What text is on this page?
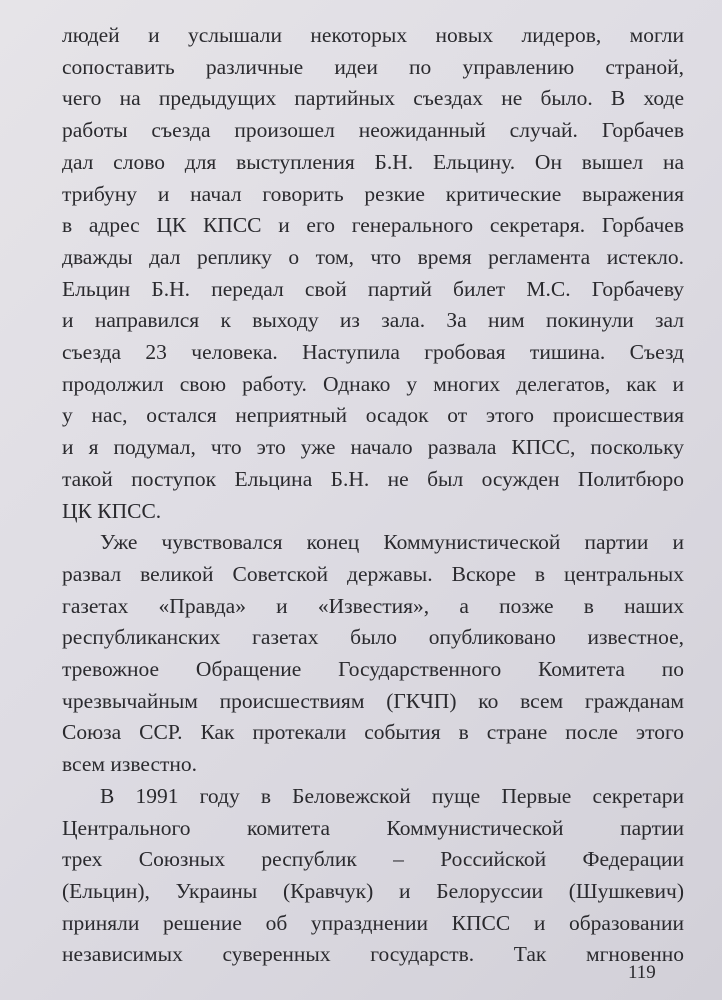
людей и услышали некоторых новых лидеров, могли
сопоставить различные идеи по управлению страной,
чего на предыдущих партийных съездах не было. В ходе
работы съезда произошел неожиданный случай. Горбачев
дал слово для выступления Б.Н. Ельцину. Он вышел на
трибуну и начал говорить резкие критические выражения
в адрес ЦК КПСС и его генерального секретаря. Горбачев
дважды дал реплику о том, что время регламента истекло.
Ельцин Б.Н. передал свой партий билет М.С. Горбачеву
и направился к выходу из зала. За ним покинули зал
съезда 23 человека. Наступила гробовая тишина. Съезд
продолжил свою работу. Однако у многих делегатов, как и
у нас, остался неприятный осадок от этого происшествия
и я подумал, что это уже начало развала КПСС, поскольку
такой поступок Ельцина Б.Н. не был осужден Политбюро
ЦК КПСС.
Уже чувствовался конец Коммунистической партии и
развал великой Советской державы. Вскоре в центральных
газетах «Правда» и «Известия», а позже в наших
республиканских газетах было опубликовано известное,
тревожное Обращение Государственного Комитета по
чрезвычайным происшествиям (ГКЧП) ко всем гражданам
Союза ССР. Как протекали события в стране после этого
всем известно.
В 1991 году в Беловежской пуще Первые секретари
Центрального комитета Коммунистической партии
трех Союзных республик – Российской Федерации
(Ельцин), Украины (Кравчук) и Белоруссии (Шушкевич)
приняли решение об упразднении КПСС и образовании
независимых суверенных государств. Так мгновенно
119
